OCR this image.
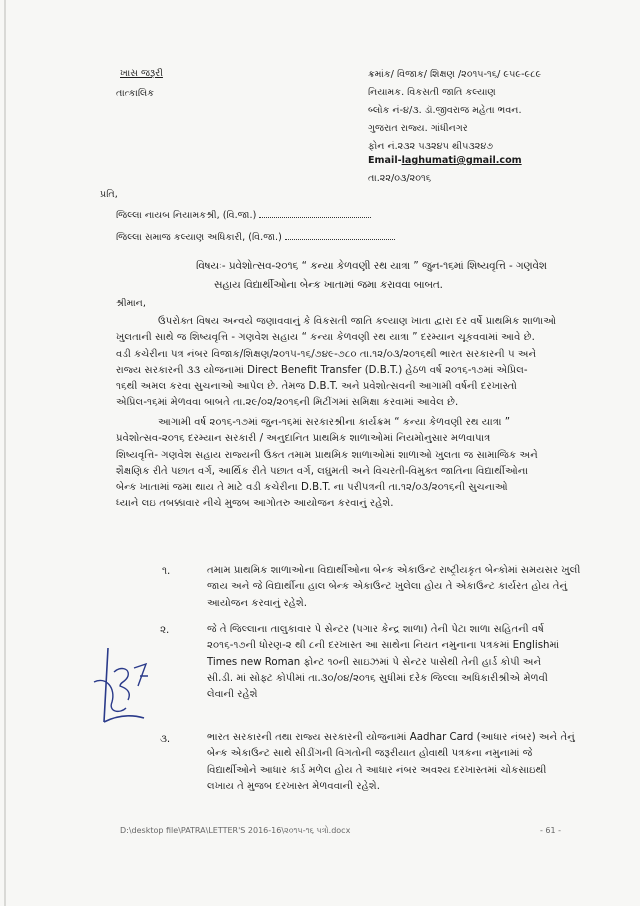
ખાસ જરૂરી
તાત્કાલિક
ક્રમાંક/ વિજાક/ શિક્ષણ /૨૦૧૫-૧૬/ ૯૫૯-૯૮૯
નિયામક. વિકસતી જાતિ કલ્યાણ
બ્લોક નં-૪/૩. ડૉ.જીવરાજ મહેતા ભવન.
ગુજરાત રાજ્ય. ગાંધીનગર
ફોન નં.૨૩૨ ૫૩૨૪૫ થી૫૩૨૪૭
Email-laghumati@gmail.com
તા.૨૨/૦૩/૨૦૧૬
પ્રતિ,
જિલ્લા નાયબ નિયામકશ્રી, (વિ.જા.)
જિલ્લા સમાજ કલ્યાણ અધિકારી, (વિ.જા.)
વિષયઃ- પ્રવેશોત્સવ-૨૦૧૬ “ કન્યા કેળવણી રથ યાત્રા ” જુન-૧૬માં શિષ્યવૃત્તિ - ગણવેશ
સહાય વિદ્યાર્થીઓના બેન્ક ખાતામાં જમા કરાવવા બાબત.
શ્રીમાન,
ઉપરોક્ત વિષય અન્વયે જણાવવાનું કે વિકસતી જાતિ કલ્યાણ ખાતા દ્વારા દર વર્ષે પ્રાથમિક શાળાઓ
ખુલતાની સાથે જ શિષ્યવૃત્તિ - ગણવેશ સહાય “ કન્યા કેળવણી રથ યાત્રા ” દરમ્યાન ચૂકવવામાં આવે છે.
વડી કચેરીના પત્ર નંબર વિજાક/શિક્ષણ/૨૦૧૫-૧૬/૭૪૯-૭૮૦ તા.૧૨/૦૩/૨૦૧૬થી ભારત સરકારની ૫ અને
રાજ્ય સરકારની ૩૩ યોજનામાં Direct Benefit Transfer (D.B.T.) હેઠળ વર્ષ ૨૦૧૬-૧૭માં એપ્રિલ-
૧૬થી અમલ કરવા સુચનાઓ આપેલ છે. તેમજ D.B.T. અને પ્રવેશોત્સવની આગામી વર્ષની દરખાસ્તો
એપ્રિલ-૧૬માં મેળવવા બાબતે તા.૨૯/૦૨/૨૦૧૬ની મિટીંગમાં સમિક્ષા કરવામાં આવેલ છે.
આગામી વર્ષ ૨૦૧૬-૧૭માં જુન-૧૬માં સરકારશ્રીના કાર્યક્રમ “ કન્યા કેળવણી રથ યાત્રા ”
પ્રવેશોત્સવ-૨૦૧૬ દરમ્યાન સરકારી / અનુદાનિત પ્રાથમિક શાળાઓમાં નિયમોનુસાર મળવાપાત્ર
શિષ્યવૃત્તિ- ગણવેશ સહાય રાજ્યની ઉક્ત તમામ પ્રાથમિક શાળાઓમાં શાળાઓ ખુલતા જ સામાજિક અને
શૈક્ષણિક રીતે પછાત વર્ગ, આર્થિક રીતે પછાત વર્ગ, લઘુમતી અને વિચરતી-વિમુક્ત જાતિના વિદ્યાર્થીઓના
બેન્ક ખાતામાં જમા થાય તે માટે વડી કચેરીના D.B.T. ના પરીપત્રની તા.૧૨/૦૩/૨૦૧૬ની સુચનાઓ
ધ્યાને લઇ તબક્કાવાર નીચે મુજબ આગોતરુ આયોજન કરવાનું રહેશે.
૧.	તમામ પ્રાથમિક શાળાઓના વિદ્યાર્થીઓના બેન્ક એકાઉન્ટ રાષ્ટ્રીયકૃત બેન્કોમાં સમયસર ખુલી
જાય અને જે વિદ્યાર્થીના હાલ બેન્ક એકાઉન્ટ ખુલેલા હોય તે એકાઉન્ટ કાર્યરત હોય તેનું
આયોજન કરવાનું રહેશે.
૨.	જે તે જિલ્લાના તાલુકાવાર પે સેન્ટર (પગાર કેન્દ્ર શાળા) તેની પેટા શાળા સહિતની વર્ષ
૨૦૧૬-૧૭ની ધોરણ-૨ થી ૮ની દરખાસ્ત આ સાથેના નિયત નમુનાના પત્રકમાં Englishમાં
Times new Roman ફોન્ટ ૧૦ની સાઇઝમાં પે સેન્ટર પાસેથી તેની હાર્ડ કોપી અને
સી.ડી. માં સોફ્ટ કોપીમાં તા.૩૦/૦૪/૨૦૧૬ સુધીમાં દરેક જિલ્લા અધિકારીશ્રીએ મેળવી
લેવાની રહેશે
૩.	ભારત સરકારની તથા રાજ્ય સરકારની યોજનામાં Aadhar Card (આધાર નંબર) અને તેનું
બેન્ક એકાઉન્ટ સાથે સીડીંગની વિગતોની જરૂરીયાત હોવાથી પત્રકના નમુનામાં જે
વિદ્યાર્થીઓને આધાર કાર્ડ મળેલ હોય તે આધાર નંબર અવશ્ય દરખાસ્તમાં ચોકસાઇથી
લખાય તે મુજબ દરખાસ્ત મેળવવાની રહેશે.
D:\desktop file\PATRA\LETTER'S 2016-16\૨૦૧૫-૧૬ પત્રો.docx	- 61 -
